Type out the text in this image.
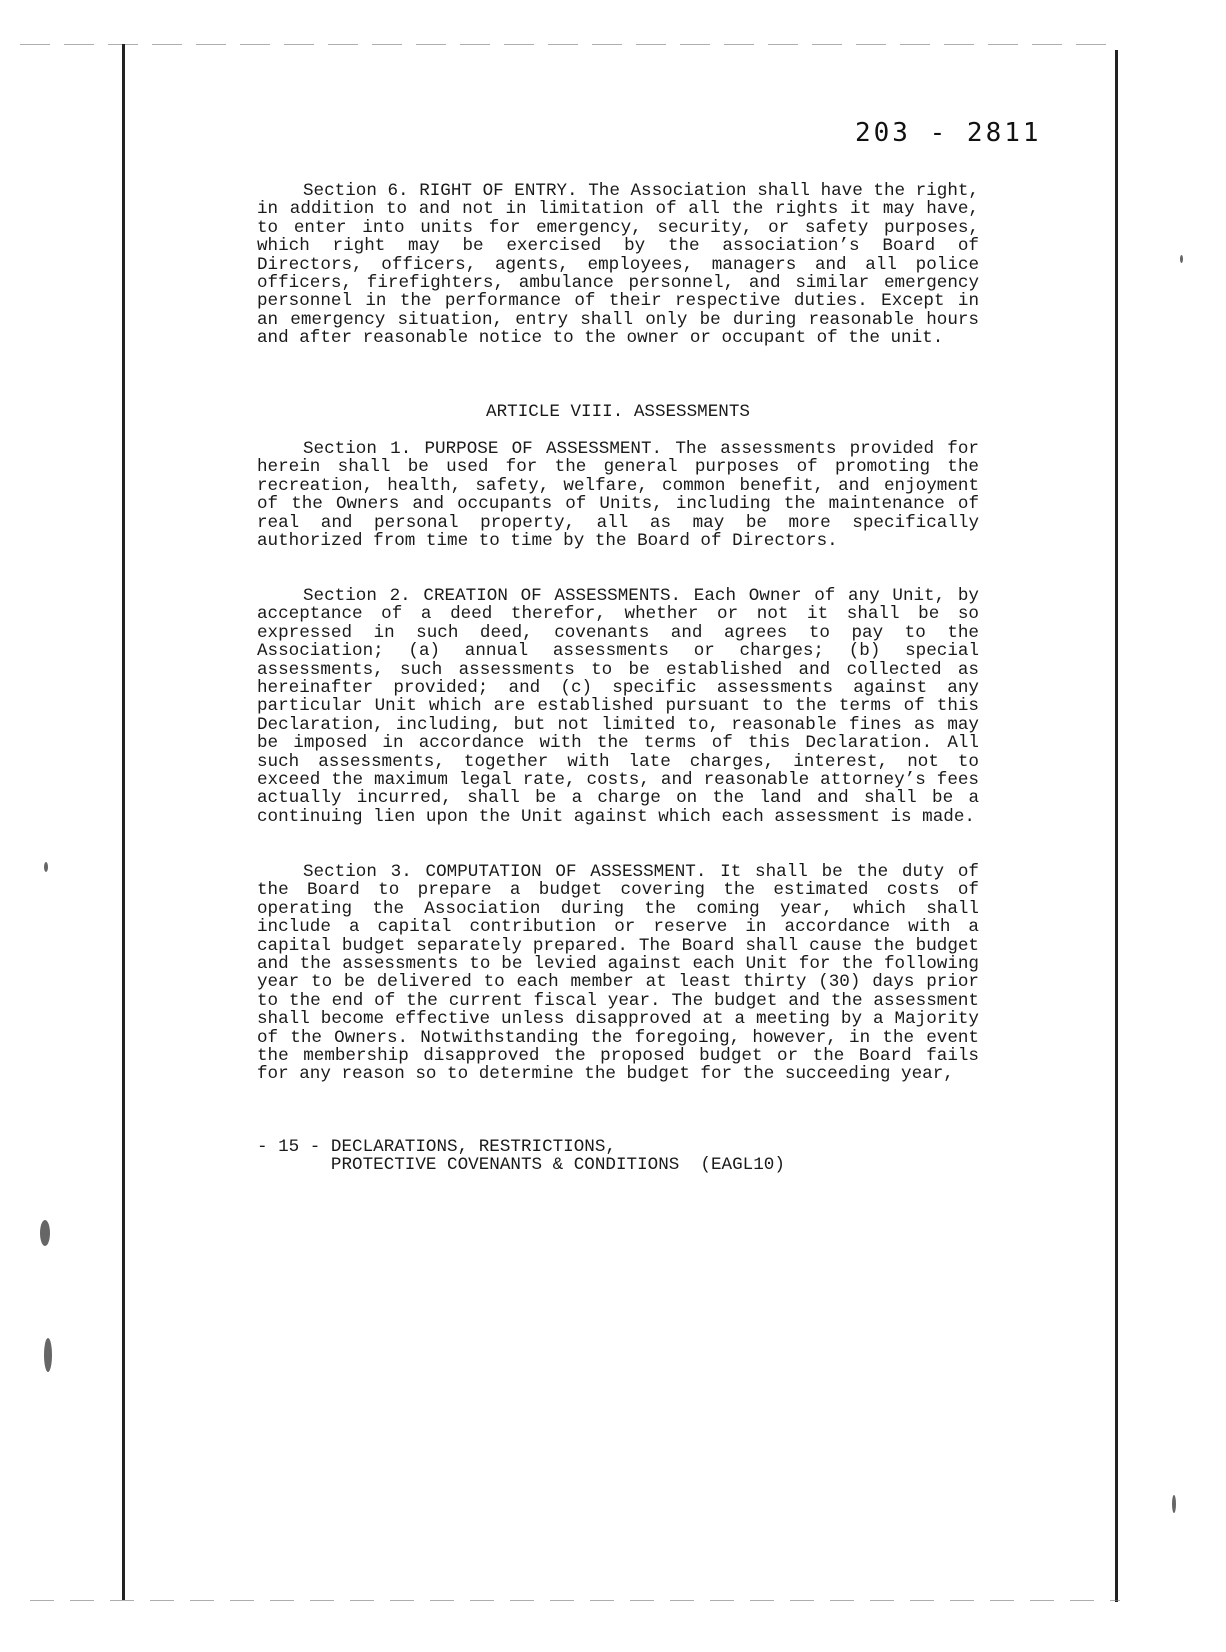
203 - 2811

Section 6. RIGHT OF ENTRY. The Association shall have the right, in addition to and not in limitation of all the rights it may have, to enter into units for emergency, security, or safety purposes, which right may be exercised by the association’s Board of Directors, officers, agents, employees, managers and all police officers, firefighters, ambulance personnel, and similar emergency personnel in the performance of their respective duties. Except in an emergency situation, entry shall only be during reasonable hours and after reasonable notice to the owner or occupant of the unit.

ARTICLE VIII. ASSESSMENTS

Section 1. PURPOSE OF ASSESSMENT. The assessments provided for herein shall be used for the general purposes of promoting the recreation, health, safety, welfare, common benefit, and enjoyment of the Owners and occupants of Units, including the maintenance of real and personal property, all as may be more specifically authorized from time to time by the Board of Directors.

Section 2. CREATION OF ASSESSMENTS. Each Owner of any Unit, by acceptance of a deed therefor, whether or not it shall be so expressed in such deed, covenants and agrees to pay to the Association; (a) annual assessments or charges; (b) special assessments, such assessments to be established and collected as hereinafter provided; and (c) specific assessments against any particular Unit which are established pursuant to the terms of this Declaration, including, but not limited to, reasonable fines as may be imposed in accordance with the terms of this Declaration. All such assessments, together with late charges, interest, not to exceed the maximum legal rate, costs, and reasonable attorney’s fees actually incurred, shall be a charge on the land and shall be a continuing lien upon the Unit against which each assessment is made.

Section 3. COMPUTATION OF ASSESSMENT. It shall be the duty of the Board to prepare a budget covering the estimated costs of operating the Association during the coming year, which shall include a capital contribution or reserve in accordance with a capital budget separately prepared. The Board shall cause the budget and the assessments to be levied against each Unit for the following year to be delivered to each member at least thirty (30) days prior to the end of the current fiscal year. The budget and the assessment shall become effective unless disapproved at a meeting by a Majority of the Owners. Notwithstanding the foregoing, however, in the event the membership disapproved the proposed budget or the Board fails for any reason so to determine the budget for the succeeding year,

- 15 - DECLARATIONS, RESTRICTIONS,
PROTECTIVE COVENANTS & CONDITIONS  (EAGL10)
